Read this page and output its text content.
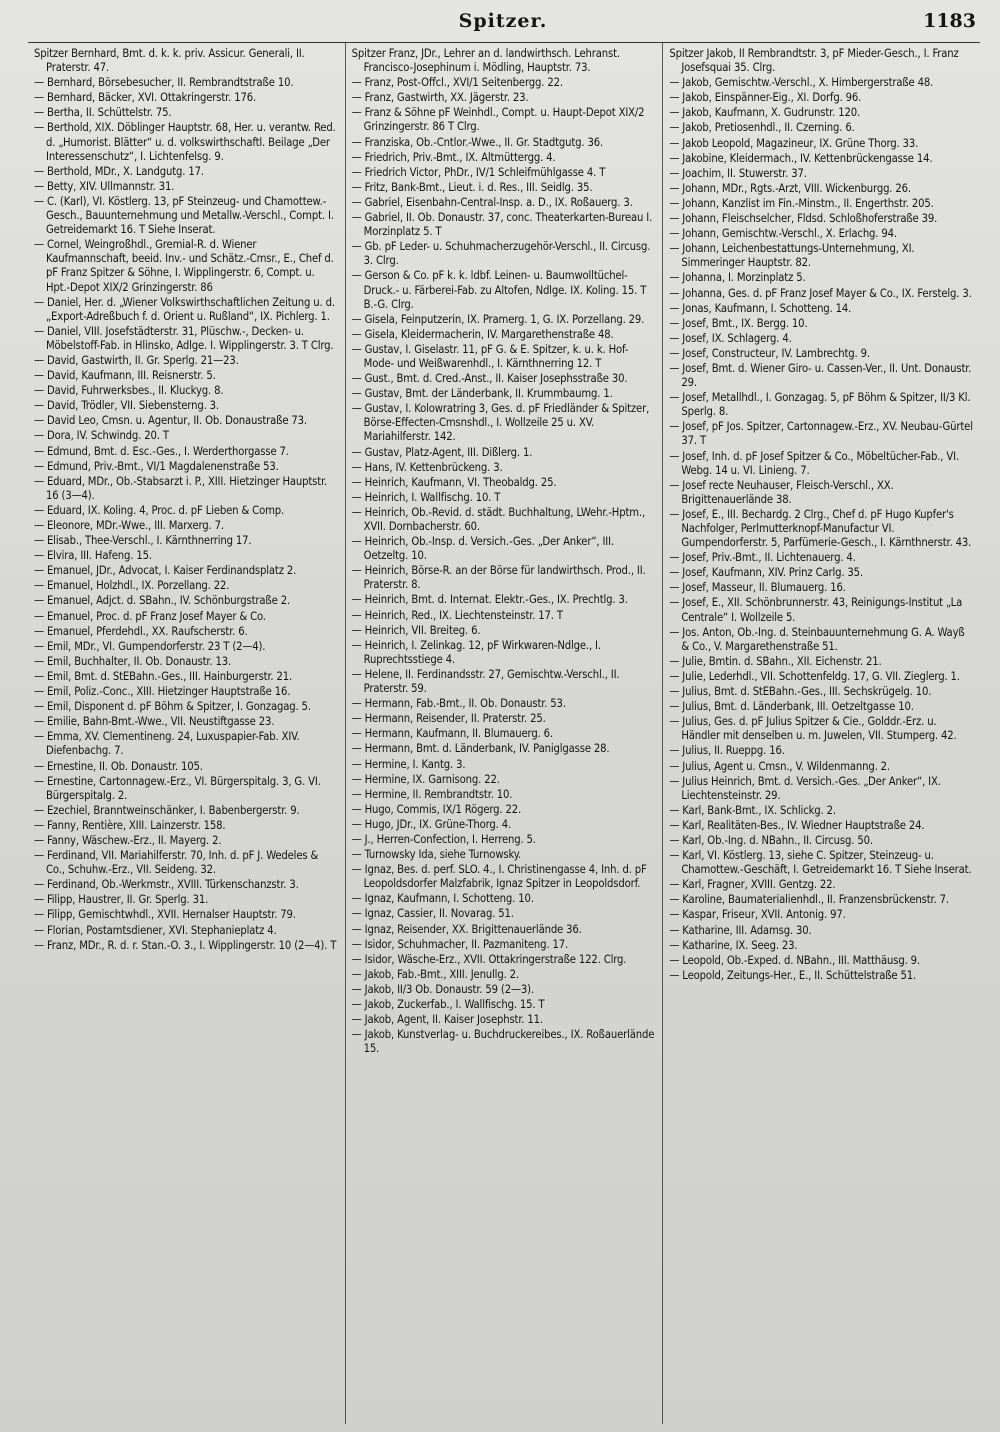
Spitzer.	1183
Spitzer Bernhard, Bmt. d. k. k. priv. Assicur. Generali, II. Praterstr. 47.
— Bernhard, Börsebesucher, II. Rembrandtstraße 10.
— Bernhard, Bäcker, XVI. Ottakringerstr. 176.
— Bertha, II. Schüttelstr. 75.
— Berthold, XIX. Döblinger Hauptstr. 68, Her. u. verantw. Red. d. „Humorist. Blätter“ u. d. volkswirthschaftl. Beilage „Der Interessenschutz“, I. Lichtenfelsg. 9.
— Berthold, MDr., X. Landgutg. 17.
— Betty, XIV. Ullmannstr. 31.
— C. (Karl), VI. Köstlerg. 13, pF Steinzeug- und Chamottew.-Gesch., Bauunternehmung und Metallw.-Verschl., Compt. I. Getreidemarkt 16. T Siehe Inserat.
— Cornel, Weingroßhdl., Gremial-R. d. Wiener Kaufmannschaft, beeid. Inv.- und Schätz.-Cmsr., E., Chef d. pF Franz Spitzer & Söhne, I. Wipplingerstr. 6, Compt. u. Hpt.-Depot XIX/2 Grinzingerstr. 86
— Daniel, Her. d. „Wiener Volkswirthschaftlichen Zeitung u. d. „Export-Adreßbuch f. d. Orient u. Rußland“, IX. Pichlerg. 1.
— Daniel, VIII. Josefstädterstr. 31, Plüschw.-, Decken- u. Möbelstoff-Fab. in Hlinsko, Adlge. I. Wipplingerstr. 3. T Clrg.
— David, Gastwirth, II. Gr. Sperlg. 21—23.
— David, Kaufmann, III. Reisnerstr. 5.
— David, Fuhrwerksbes., II. Kluckyg. 8.
— David, Trödler, VII. Siebensterng. 3.
— David Leo, Cmsn. u. Agentur, II. Ob. Donaustraße 73.
— Dora, IV. Schwindg. 20. T
— Edmund, Bmt. d. Esc.-Ges., I. Werderthorgasse 7.
— Edmund, Priv.-Bmt., VI/1 Magdalenenstraße 53.
— Eduard, MDr., Ob.-Stabsarzt i. P., XIII. Hietzinger Hauptstr. 16 (3—4).
— Eduard, IX. Koling. 4, Proc. d. pF Lieben & Comp.
— Eleonore, MDr.-Wwe., III. Marxerg. 7.
— Elisab., Thee-Verschl., I. Kärnthnerring 17.
— Elvira, III. Hafeng. 15.
— Emanuel, JDr., Advocat, I. Kaiser Ferdinandsplatz 2.
— Emanuel, Holzhdl., IX. Porzellang. 22.
— Emanuel, Adjct. d. SBahn., IV. Schönburgstraße 2.
— Emanuel, Proc. d. pF Franz Josef Mayer & Co.
— Emanuel, Pferdehdl., XX. Raufscherstr. 6.
— Emil, MDr., VI. Gumpendorferstr. 23 T (2—4).
— Emil, Buchhalter, II. Ob. Donaustr. 13.
— Emil, Bmt. d. StEBahn.-Ges., III. Hainburgerstr. 21.
— Emil, Poliz.-Conc., XIII. Hietzinger Hauptstraße 16.
— Emil, Disponent d. pF Böhm & Spitzer, I. Gonzagag. 5.
— Emilie, Bahn-Bmt.-Wwe., VII. Neustiftgasse 23.
— Emma, XV. Clementineng. 24, Luxuspapier-Fab. XIV. Diefenbachg. 7.
— Ernestine, II. Ob. Donaustr. 105.
— Ernestine, Cartonnagew.-Erz., VI. Bürgerspitalg. 3, G. VI. Bürgerspitalg. 2.
— Ezechiel, Branntweinschänker, I. Babenbergerstr. 9.
— Fanny, Rentière, XIII. Lainzerstr. 158.
— Fanny, Wäschew.-Erz., II. Mayerg. 2.
— Ferdinand, VII. Mariahilferstr. 70, Inh. d. pF J. Wedeles & Co., Schuhw.-Erz., VII. Seideng. 32.
— Ferdinand, Ob.-Werkmstr., XVIII. Türkenschanzstr. 3.
— Filipp, Haustrer, II. Gr. Sperlg. 31.
— Filipp, Gemischtwhdl., XVII. Hernalser Hauptstr. 79.
— Florian, Postamtsdiener, XVI. Stephanieplatz 4.
— Franz, MDr., R. d. r. Stan.-O. 3., I. Wipplingerstr. 10 (2—4). T
Spitzer Franz, JDr., Lehrer an d. landwirthsch. Lehranst. Francisco-Josephinum i. Mödling, Hauptstr. 73.
— Franz, Post-Offcl., XVI/1 Seitenbergg. 22.
— Franz, Gastwirth, XX. Jägerstr. 23.
— Franz & Söhne pF Weinhdl., Compt. u. Haupt-Depot XIX/2 Grinzingerstr. 86 T Clrg.
— Franziska, Ob.-Cntlor.-Wwe., II. Gr. Stadtgutg. 36.
— Friedrich, Priv.-Bmt., IX. Altmüttergg. 4.
— Friedrich Victor, PhDr., IV/1 Schleifmühlgasse 4. T
— Fritz, Bank-Bmt., Lieut. i. d. Res., III. Seidlg. 35.
— Gabriel, Eisenbahn-Central-Insp. a. D., IX. Roßauerg. 3.
— Gabriel, II. Ob. Donaustr. 37, conc. Theaterkarten-Bureau I. Morzinplatz 5. T
— Gb. pF Leder- u. Schuhmacherzugehör-Verschl., II. Circusg. 3. Clrg.
— Gerson & Co. pF k. k. ldbf. Leinen- u. Baumwolltüchel-Druck.- u. Färberei-Fab. zu Altofen, Ndlge. IX. Koling. 15. T B.-G. Clrg.
— Gisela, Feinputzerin, IX. Pramerg. 1, G. IX. Porzellang. 29.
— Gisela, Kleidermacherin, IV. Margarethenstraße 48.
— Gustav, I. Giselastr. 11, pF G. & E. Spitzer, k. u. k. Hof-Mode- und Weißwarenhdl., I. Kärnthnerring 12. T
— Gust., Bmt. d. Cred.-Anst., II. Kaiser Josephsstraße 30.
— Gustav, Bmt. der Länderbank, II. Krummbaumg. 1.
— Gustav, I. Kolowratring 3, Ges. d. pF Friedländer & Spitzer, Börse-Effecten-Cmsnshdl., I. Wollzeile 25 u. XV. Mariahilferstr. 142.
— Gustav, Platz-Agent, III. Dißlerg. 1.
— Hans, IV. Kettenbrückeng. 3.
— Heinrich, Kaufmann, VI. Theobaldg. 25.
— Heinrich, I. Wallfischg. 10. T
— Heinrich, Ob.-Revid. d. städt. Buchhaltung, LWehr.-Hptm., XVII. Dornbacherstr. 60.
— Heinrich, Ob.-Insp. d. Versich.-Ges. „Der Anker“, III. Oetzeltg. 10.
— Heinrich, Börse-R. an der Börse für landwirthsch. Prod., II. Praterstr. 8.
— Heinrich, Bmt. d. Internat. Elektr.-Ges., IX. Prechtlg. 3.
— Heinrich, Red., IX. Liechtensteinstr. 17. T
— Heinrich, VII. Breiteg. 6.
— Heinrich, I. Zelinkag. 12, pF Wirkwaren-Ndlge., I. Ruprechtsstiege 4.
— Helene, II. Ferdinandsstr. 27, Gemischtw.-Verschl., II. Praterstr. 59.
— Hermann, Fab.-Bmt., II. Ob. Donaustr. 53.
— Hermann, Reisender, II. Praterstr. 25.
— Hermann, Kaufmann, II. Blumauerg. 6.
— Hermann, Bmt. d. Länderbank, IV. Paniglgasse 28.
— Hermine, I. Kantg. 3.
— Hermine, IX. Garnisong. 22.
— Hermine, II. Rembrandtstr. 10.
— Hugo, Commis, IX/1 Rögerg. 22.
— Hugo, JDr., IX. Grüne-Thorg. 4.
— J., Herren-Confection, I. Herreng. 5.
— Turnowsky Ida, siehe Turnowsky.
— Ignaz, Bes. d. perf. SLO. 4., I. Christinengasse 4, Inh. d. pF Leopoldsdorfer Malzfabrik, Ignaz Spitzer in Leopoldsdorf.
— Ignaz, Kaufmann, I. Schotteng. 10.
— Ignaz, Cassier, II. Novarag. 51.
— Ignaz, Reisender, XX. Brigittenauerlände 36.
— Isidor, Schuhmacher, II. Pazmaniteng. 17.
— Isidor, Wäsche-Erz., XVII. Ottakringerstraße 122. Clrg.
— Jakob, Fab.-Bmt., XIII. Jenullg. 2.
— Jakob, II/3 Ob. Donaustr. 59 (2—3).
— Jakob, Zuckerfab., I. Wallfischg. 15. T
— Jakob, Agent, II. Kaiser Josephstr. 11.
— Jakob, Kunstverlag- u. Buchdruckereibes., IX. Roßauerlände 15.
Spitzer Jakob, II Rembrandtstr. 3, pF Mieder-Gesch., I. Franz Josefsquai 35. Clrg.
— Jakob, Gemischtw.-Verschl., X. Himbergerstraße 48.
— Jakob, Einspänner-Eig., XI. Dorfg. 96.
— Jakob, Kaufmann, X. Gudrunstr. 120.
— Jakob, Pretiosenhdl., II. Czerning. 6.
— Jakob Leopold, Magazineur, IX. Grüne Thorg. 33.
— Jakobine, Kleidermach., IV. Kettenbrückengasse 14.
— Joachim, II. Stuwerstr. 37.
— Johann, MDr., Rgts.-Arzt, VIII. Wickenburgg. 26.
— Johann, Kanzlist im Fin.-Minstm., II. Engerthstr. 205.
— Johann, Fleischselcher, Fldsd. Schloßhoferstraße 39.
— Johann, Gemischtw.-Verschl., X. Erlachg. 94.
— Johann, Leichenbestattungs-Unternehmung, XI. Simmeringer Hauptstr. 82.
— Johanna, I. Morzinplatz 5.
— Johanna, Ges. d. pF Franz Josef Mayer & Co., IX. Ferstelg. 3.
— Jonas, Kaufmann, I. Schotteng. 14.
— Josef, Bmt., IX. Bergg. 10.
— Josef, IX. Schlagerg. 4.
— Josef, Constructeur, IV. Lambrechtg. 9.
— Josef, Bmt. d. Wiener Giro- u. Cassen-Ver., II. Unt. Donaustr. 29.
— Josef, Metallhdl., I. Gonzagag. 5, pF Böhm & Spitzer, II/3 Kl. Sperlg. 8.
— Josef, pF Jos. Spitzer, Cartonnagew.-Erz., XV. Neubau-Gürtel 37. T
— Josef, Inh. d. pF Josef Spitzer & Co., Möbeltücher-Fab., VI. Webg. 14 u. VI. Linieng. 7.
— Josef recte Neuhauser, Fleisch-Verschl., XX. Brigittenauerlände 38.
— Josef, E., III. Bechardg. 2 Clrg., Chef d. pF Hugo Kupfer's Nachfolger, Perlmutterknopf-Manufactur VI. Gumpendorferstr. 5, Parfümerie-Gesch., I. Kärnthnerstr. 43.
— Josef, Priv.-Bmt., II. Lichtenauerg. 4.
— Josef, Kaufmann, XIV. Prinz Carlg. 35.
— Josef, Masseur, II. Blumauerg. 16.
— Josef, E., XII. Schönbrunnerstr. 43, Reinigungs-Institut „La Centrale“ I. Wollzeile 5.
— Jos. Anton, Ob.-Ing. d. Steinbauunternehmung G. A. Wayß & Co., V. Margarethenstraße 51.
— Julie, Bmtin. d. SBahn., XII. Eichenstr. 21.
— Julie, Lederhdl., VII. Schottenfeldg. 17, G. VII. Zieglerg. 1.
— Julius, Bmt. d. StEBahn.-Ges., III. Sechskrügelg. 10.
— Julius, Bmt. d. Länderbank, III. Oetzeltgasse 10.
— Julius, Ges. d. pF Julius Spitzer & Cie., Golddr.-Erz. u. Händler mit denselben u. m. Juwelen, VII. Stumperg. 42.
— Julius, II. Rueppg. 16.
— Julius, Agent u. Cmsn., V. Wildenmanng. 2.
— Julius Heinrich, Bmt. d. Versich.-Ges. „Der Anker“, IX. Liechtensteinstr. 29.
— Karl, Bank-Bmt., IX. Schlickg. 2.
— Karl, Realitäten-Bes., IV. Wiedner Hauptstraße 24.
— Karl, Ob.-Ing. d. NBahn., II. Circusg. 50.
— Karl, VI. Köstlerg. 13, siehe C. Spitzer, Steinzeug- u. Chamottew.-Geschäft, I. Getreidemarkt 16. T Siehe Inserat.
— Karl, Fragner, XVIII. Gentzg. 22.
— Karoline, Baumaterialienhdl., II. Franzensbrückenstr. 7.
— Kaspar, Friseur, XVII. Antonig. 97.
— Katharine, III. Adamsg. 30.
— Katharine, IX. Seeg. 23.
— Leopold, Ob.-Exped. d. NBahn., III. Matthäusg. 9.
— Leopold, Zeitungs-Her., E., II. Schüttelstraße 51.
